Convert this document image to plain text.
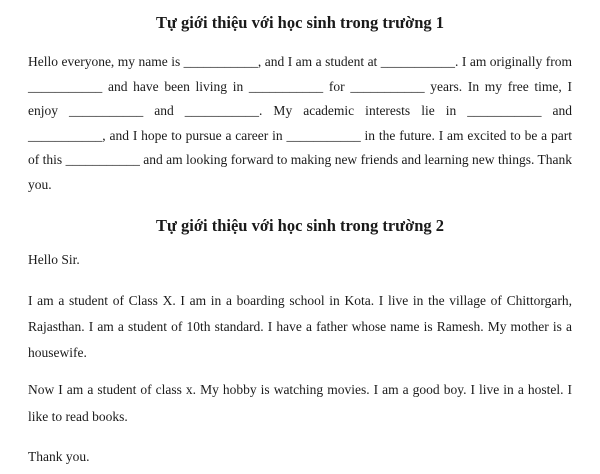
Tự giới thiệu với học sinh trong trường 1

Hello everyone, my name is ___________, and I am a student at ___________. I am originally from ___________ and have been living in ___________ for ___________ years. In my free time, I enjoy ___________ and ___________. My academic interests lie in ___________ and ___________, and I hope to pursue a career in ___________ in the future. I am excited to be a part of this ___________ and am looking forward to making new friends and learning new things. Thank you.

Tự giới thiệu với học sinh trong trường 2

Hello Sir.

I am a student of Class X. I am in a boarding school in Kota. I live in the village of Chittorgarh, Rajasthan. I am a student of 10th standard. I have a father whose name is Ramesh. My mother is a housewife.

Now I am a student of class x. My hobby is watching movies. I am a good boy. I live in a hostel. I like to read books.

Thank you.
